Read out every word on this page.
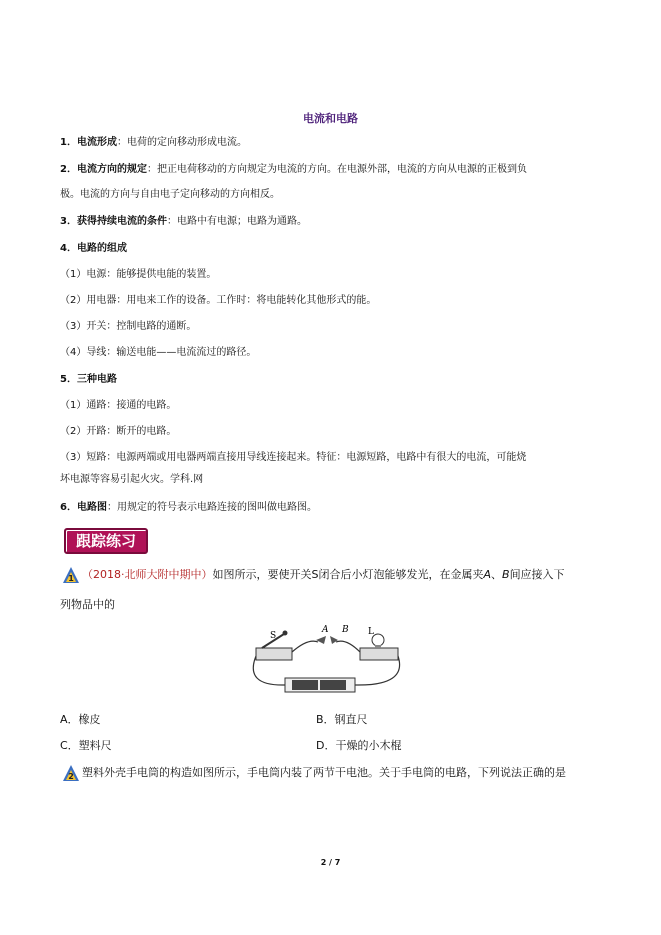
电流和电路
1．电流形成：电荷的定向移动形成电流。
2．电流方向的规定：把正电荷移动的方向规定为电流的方向。在电源外部，电流的方向从电源的正极到负
极。电流的方向与自由电子定向移动的方向相反。
3．获得持续电流的条件：电路中有电源；电路为通路。
4．电路的组成
（1）电源：能够提供电能的装置。
（2）用电器：用电来工作的设备。工作时：将电能转化其他形式的能。
（3）开关：控制电路的通断。
（4）导线：输送电能——电流流过的路径。
5．三种电路
（1）通路：接通的电路。
（2）开路：断开的电路。
（3）短路：电源两端或用电器两端直接用导线连接起来。特征：电源短路，电路中有很大的电流，可能烧
坏电源等容易引起火灾。学科.网
6．电路图：用规定的符号表示电路连接的图叫做电路图。
跟踪练习
1 （2018·北师大附中期中）如图所示，要使开关S闭合后小灯泡能够发光，在金属夹A、B间应接入下
列物品中的
S
A B L
A．橡皮	B．钢直尺
C．塑料尺	D．干燥的小木棍
2 塑料外壳手电筒的构造如图所示，手电筒内装了两节干电池。关于手电筒的电路，下列说法正确的是
2 / 7
